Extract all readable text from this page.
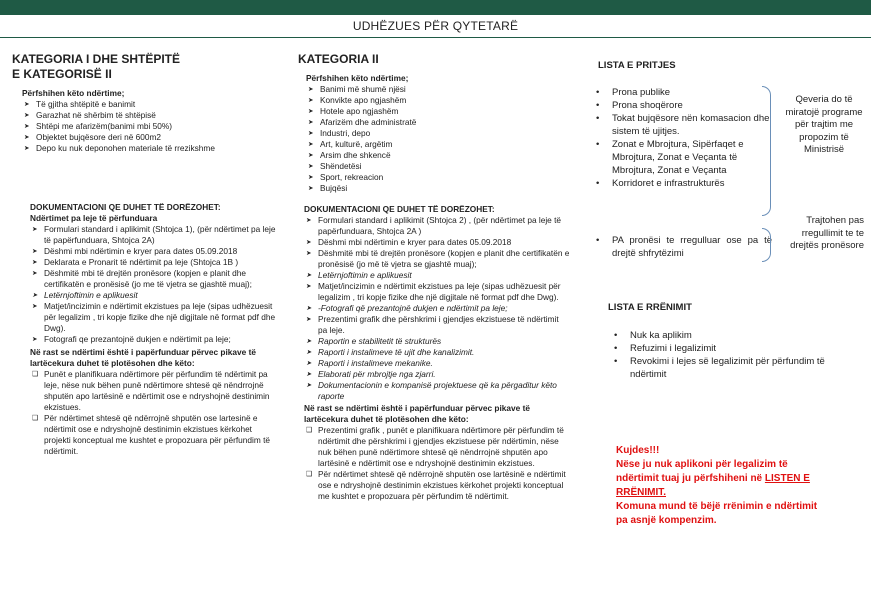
UDHËZUES PËR QYTETARË
KATEGORIA I DHE SHTËPITË
E KATEGORISË II

Përfshihen këto ndërtime;

➤ Të gjitha shtëpitë e banimit
➤ Garazhat në shërbim të shtëpisë
➤ Shtëpi me afarizëm(banimi mbi 50%)
➤ Objektet bujqësore deri në 600m2
➤ Depo ku nuk deponohen materiale të rrezikshme

DOKUMENTACIONI QE DUHET TË DORËZOHET:

Ndërtimet pa leje të përfunduara

➤ Formulari standard i aplikimit (Shtojca 1), (për ndërtimet pa leje të papërfunduara, Shtojca 2A)
➤ Dëshmi mbi ndërtimin e kryer para dates 05.09.2018
➤ Deklarata e Pronarit të ndërtimit pa leje (Shtojca 1B )
➤ Dëshmitë mbi të drejtën pronësore (kopjen e planit dhe certifikatën e pronësisë (jo me të vjetra se gjashtë muaj);
➤ Letërnjoftimin e aplikuesit
➤ Matjet/incizimin e ndërtimit ekzistues pa leje (sipas udhëzuesit për legalizim , tri kopje fizike dhe një digjitale në format pdf dhe Dwg).
➤ Fotografi qe prezantojnë dukjen e ndërtimit pa leje;

Në rast se ndërtimi është i papërfunduar përvec pikave të lartëcekura duhet të plotësohen dhe këto:

❑ Punët e planifikuara ndërtimore për përfundim të ndërtimit pa leje, nëse nuk bëhen punë ndërtimore shtesë që nëndrrojnë shputën apo lartësinë e ndërtimit ose e ndryshojnë destinimin ekzistues.
❑ Për ndërtimet shtesë që ndërrojnë shputën ose lartesinë e ndërtimit ose e ndryshojnë destinimin ekzistues kërkohet projekti konceptual me kushtet e propozuara për përfundim të ndërtimit.
KATEGORIA II

Përfshihen këto ndërtime;

➤ Banimi më shumë njësi
➤ Konvikte apo ngjashëm
➤ Hotele apo ngjashëm
➤ Afarizëm dhe administratë
➤ Industri, depo
➤ Art, kulturë, argëtim
➤ Arsim dhe shkencë
➤ Shëndetësi
➤ Sport, rekreacion
➤ Bujqësi

DOKUMENTACIONI QE DUHET TË DORËZOHET:

➤ Formulari standard i aplikimit (Shtojca 2) , (për ndërtimet pa leje të papërfunduara, Shtojca 2A )
➤ Dëshmi mbi ndërtimin e kryer para dates 05.09.2018
➤ Dëshmitë mbi të drejtën pronësore (kopjen e planit dhe certifikatën e pronësisë (jo më të vjetra se gjashtë muaj);
➤ Letërnjoftimin e aplikuesit
➤ Matjet/incizimin e ndërtimit ekzistues pa leje (sipas udhëzuesit për legalizim , tri kopje fizike dhe një digjitale në format pdf dhe Dwg).
➤ -Fotografi që prezantojnë dukjen e ndërtimit pa leje;
➤ Prezentimi grafik dhe përshkrimi i gjendjes ekzistuese të ndërtimit pa leje.
➤ Raportin e stabilitetit të strukturës
➤ Raporti i instalimeve të ujit dhe kanalizimit.
➤ Raporti i instalimeve mekanike.
➤ Elaborati për mbrojtje nga zjarri.
➤ Dokumentacionin e kompanisë projektuese që ka përgaditur këto raporte

Në rast se ndërtimi është i papërfunduar përvec pikave të lartëcekura duhet të plotësohen dhe këto:

❑ Prezentimi grafik , punët e planifikuara ndërtimore për përfundim të ndërtimit dhe përshkrimi i gjendjes ekzistuese për ndërtimin, nëse nuk bëhen punë ndërtimore shtesë që nëndrrojnë shputën apo lartësinë e ndërtimit ose e ndryshojnë destinimin ekzistues.
❑ Për ndërtimet shtesë që ndërrojnë shputën ose lartësinë e ndërtimit ose e ndryshojnë destinimin ekzistues kërkohet projekti konceptual me kushtet e propozuara për përfundim të ndërtimit.
LISTA E PRITJES
• Prona publike
• Prona shoqërore
• Tokat bujqësore nën komasacion dhe sistem të ujitjes.
• Zonat e Mbrojtura, Sipërfaqet e Mbrojtura, Zonat e Veçanta të Mbrojtura, Zonat e Veçanta
• Korridoret e infrastrukturës
Qeveria do të miratojë programe për trajtim me propozim të Ministrisë
• PA pronësi te rregulluar ose pa të drejtë shfrytëzimi
Trajtohen pas rregullimit te te drejtës pronësore
LISTA E RRËNIMIT
• Nuk ka aplikim
• Refuzimi i legalizimit
• Revokimi i lejes së legalizimit për përfundim të ndërtimit
Kujdes!!!
Nëse ju nuk aplikoni për legalizim të ndërtimit tuaj ju përfshiheni në LISTEN E RRËNIMIT.
Komuna mund të bëjë rrënimin e ndërtimit pa asnjë kompenzim.
